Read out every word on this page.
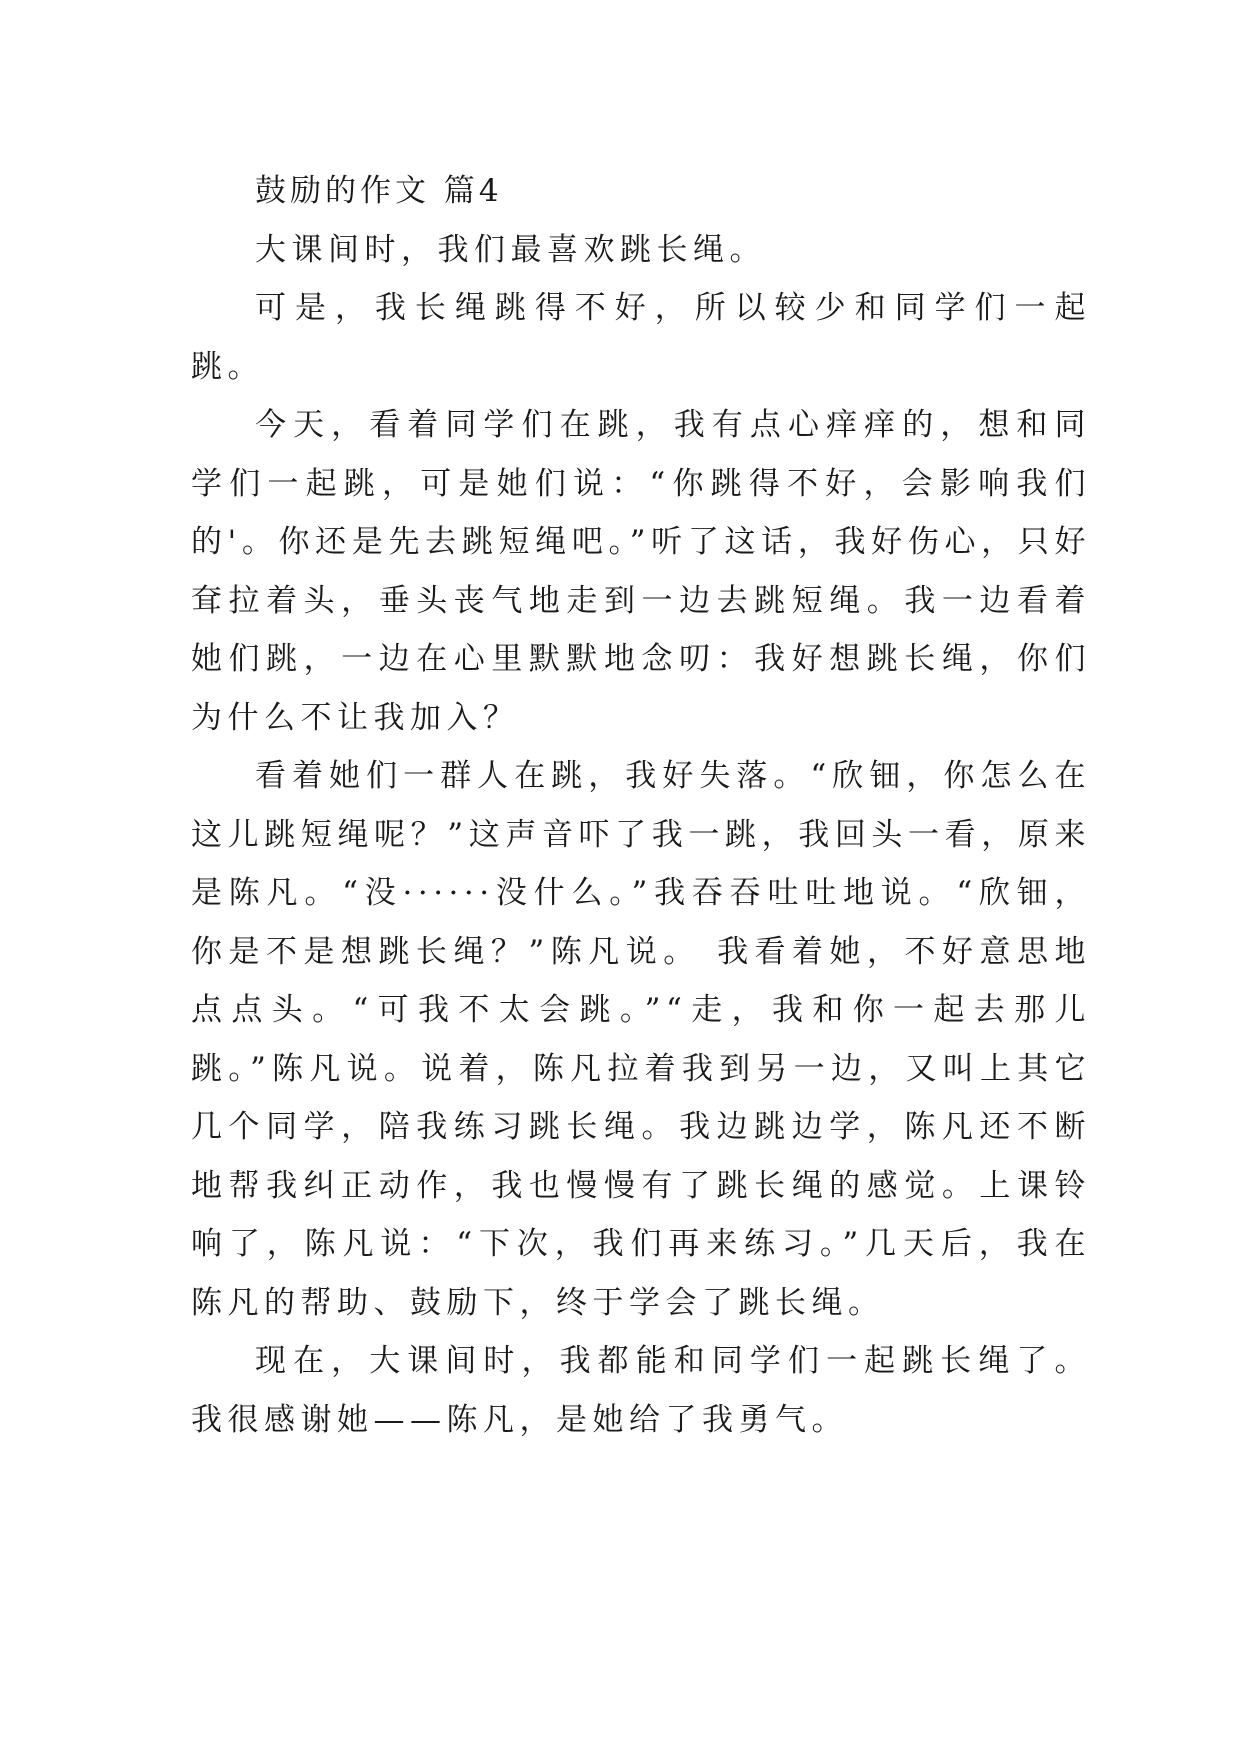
鼓励的作文 篇4

大课间时，我们最喜欢跳长绳。

可是，我长绳跳得不好，所以较少和同学们一起跳。

今天，看着同学们在跳，我有点心痒痒的，想和同学们一起跳，可是她们说：“你跳得不好，会影响我们的'。你还是先去跳短绳吧。”听了这话，我好伤心，只好耷拉着头，垂头丧气地走到一边去跳短绳。我一边看着她们跳，一边在心里默默地念叨：我好想跳长绳，你们为什么不让我加入？

看着她们一群人在跳，我好失落。“欣钿，你怎么在这儿跳短绳呢？”这声音吓了我一跳，我回头一看，原来是陈凡。“没······没什么。”我吞吞吐吐地说。“欣钿，你是不是想跳长绳？”陈凡说。 我看着她，不好意思地点点头。“可我不太会跳。”“走，我和你一起去那儿跳。”陈凡说。说着，陈凡拉着我到另一边，又叫上其它几个同学，陪我练习跳长绳。我边跳边学，陈凡还不断地帮我纠正动作，我也慢慢有了跳长绳的感觉。上课铃响了，陈凡说：“下次，我们再来练习。”几天后，我在陈凡的帮助、鼓励下，终于学会了跳长绳。

现在，大课间时，我都能和同学们一起跳长绳了。我很感谢她——陈凡，是她给了我勇气。
